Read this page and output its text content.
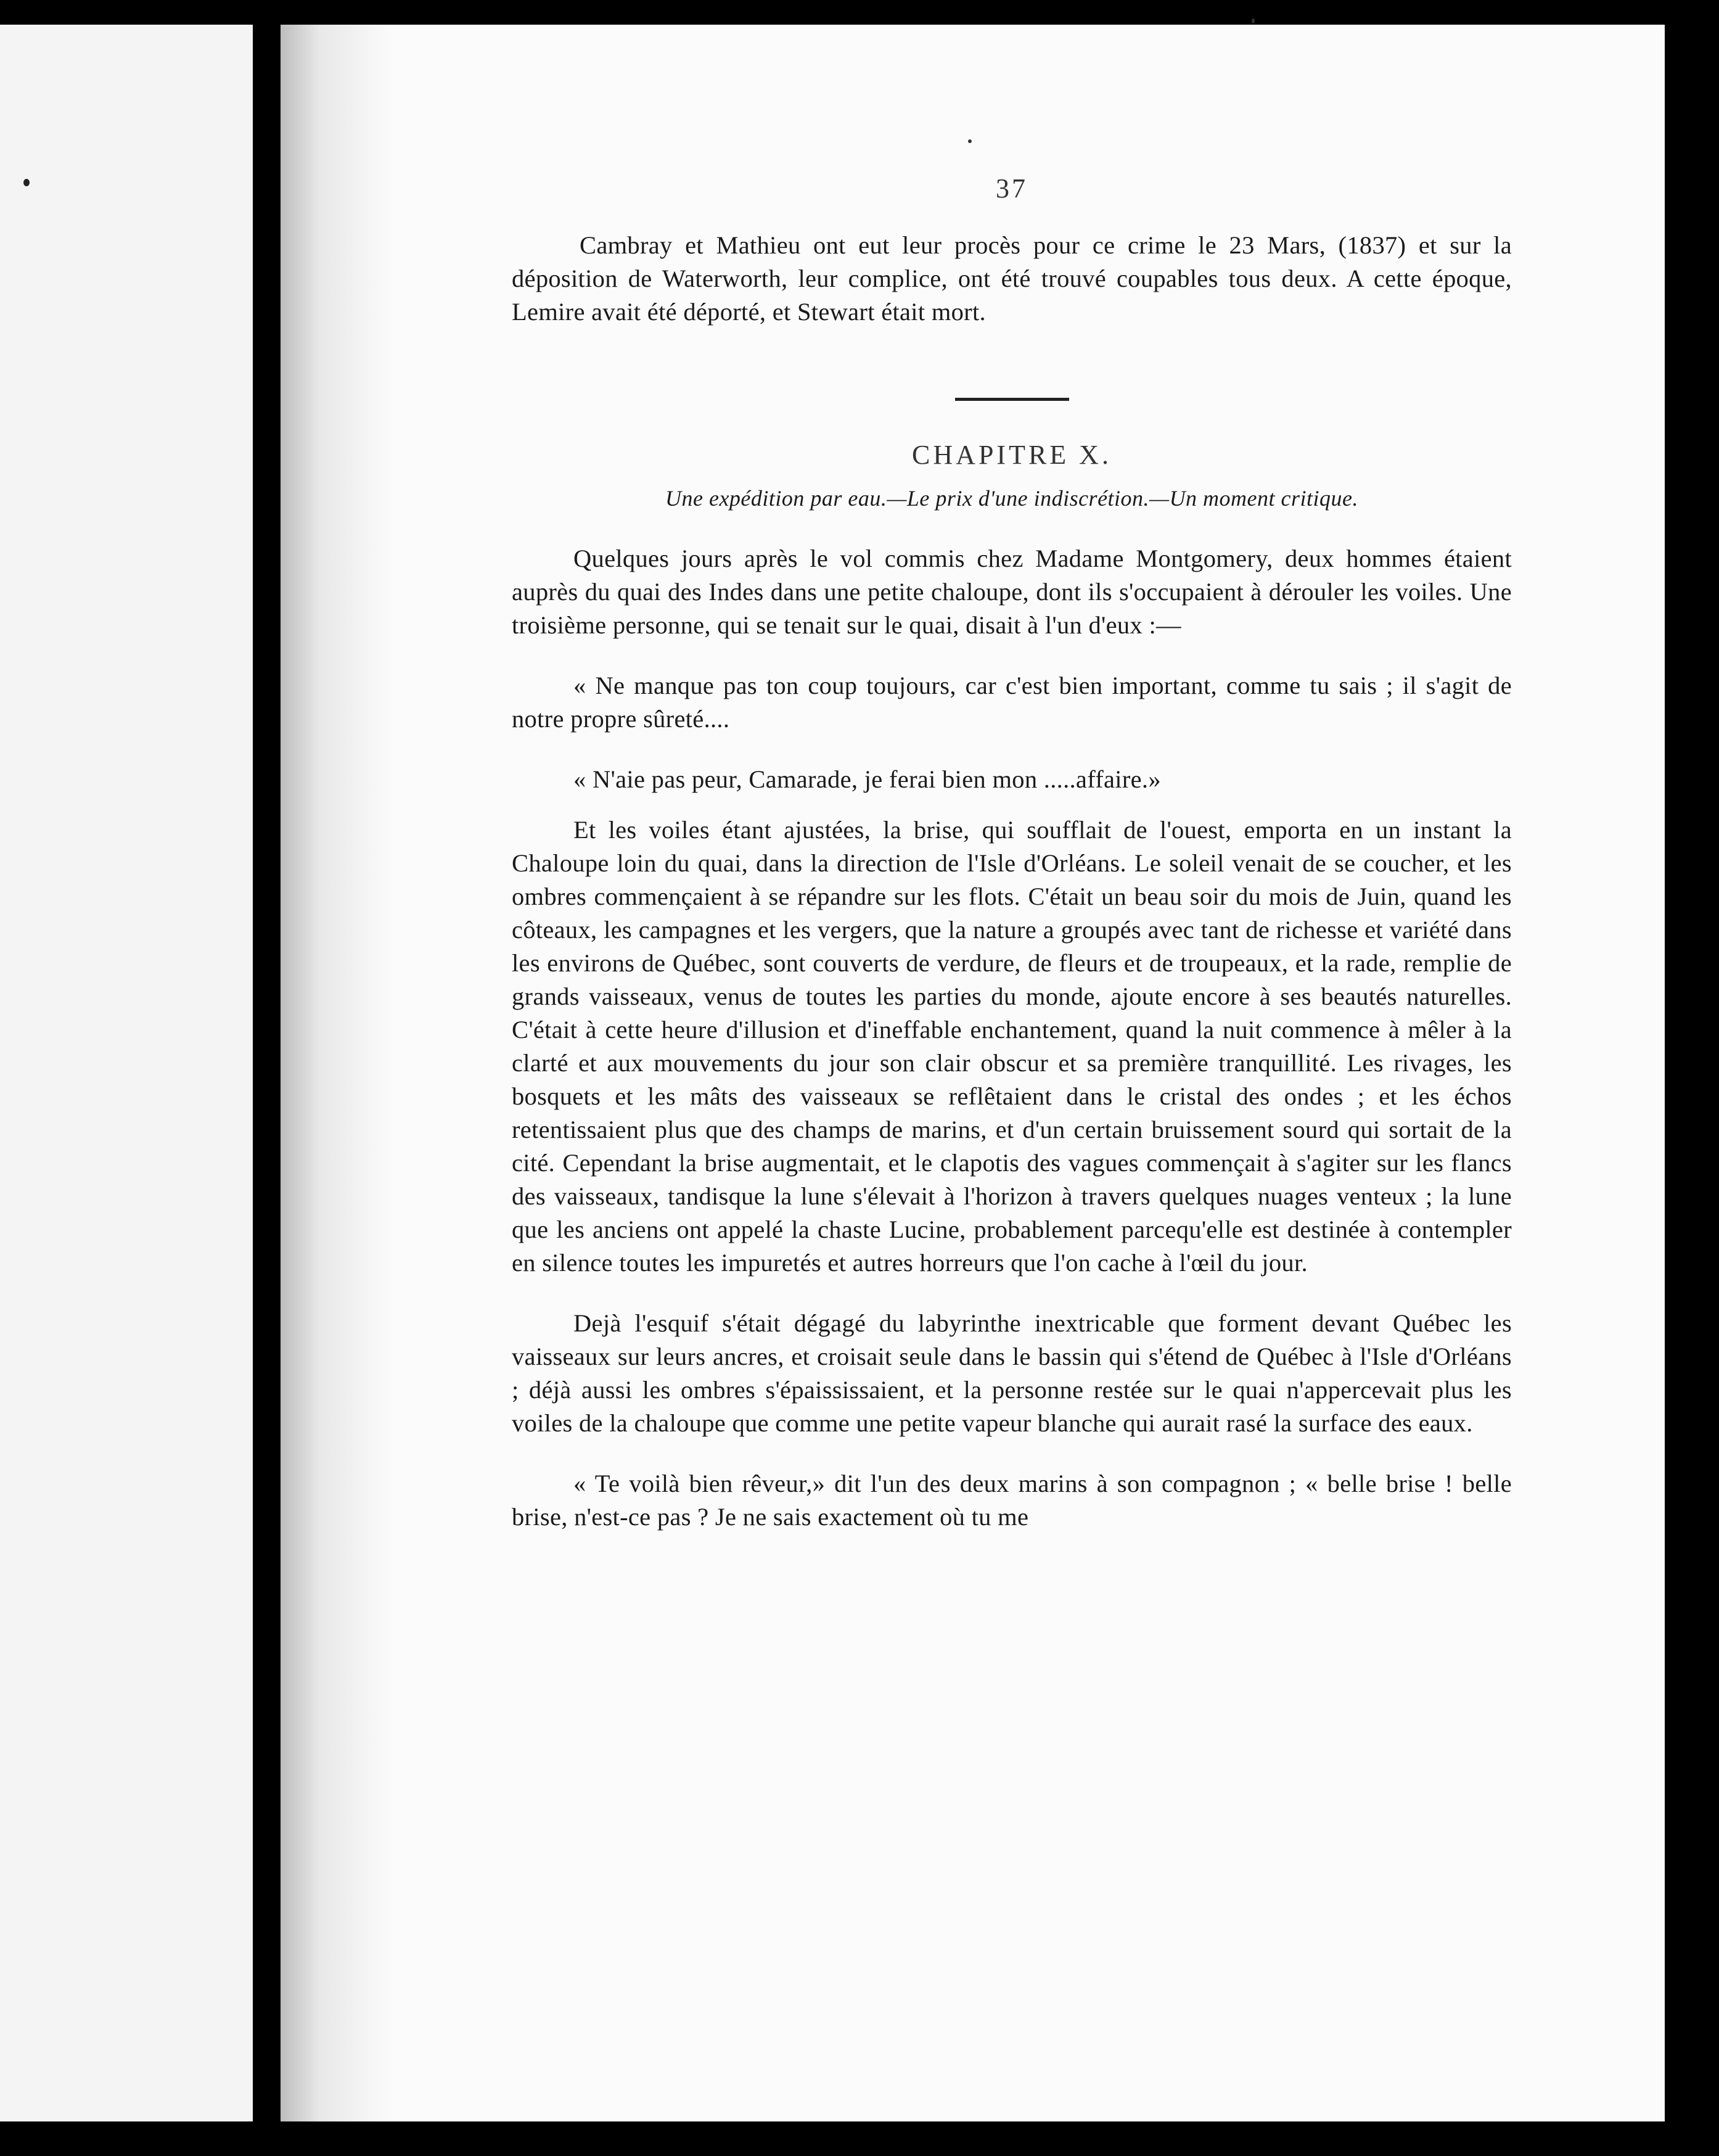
37

Cambray et Mathieu ont eut leur procès pour ce crime le 23 Mars, (1837) et sur la déposition de Waterworth, leur complice, ont été trouvé coupables tous deux. A cette époque, Lemire avait été déporté, et Stewart était mort.

CHAPITRE X.
Une expédition par eau.—Le prix d'une indiscrétion.—Un moment critique.

Quelques jours après le vol commis chez Madame Montgomery, deux hommes étaient auprès du quai des Indes dans une petite chaloupe, dont ils s'occupaient à dérouler les voiles. Une troisième personne, qui se tenait sur le quai, disait à l'un d'eux :—

« Ne manque pas ton coup toujours, car c'est bien important, comme tu sais ; il s'agit de notre propre sûreté....

« N'aie pas peur, Camarade, je ferai bien mon .....affaire.»

Et les voiles étant ajustées, la brise, qui soufflait de l'ouest, emporta en un instant la Chaloupe loin du quai, dans la direction de l'Isle d'Orléans. Le soleil venait de se coucher, et les ombres commençaient à se répandre sur les flots. C'était un beau soir du mois de Juin, quand les côteaux, les campagnes et les vergers, que la nature a groupés avec tant de richesse et variété dans les environs de Québec, sont couverts de verdure, de fleurs et de troupeaux, et la rade, remplie de grands vaisseaux, venus de toutes les parties du monde, ajoute encore à ses beautés naturelles. C'était à cette heure d'illusion et d'ineffable enchantement, quand la nuit commence à mêler à la clarté et aux mouvements du jour son clair obscur et sa première tranquillité. Les rivages, les bosquets et les mâts des vaisseaux se reflêtaient dans le cristal des ondes ; et les échos retentissaient plus que des champs de marins, et d'un certain bruissement sourd qui sortait de la cité. Cependant la brise augmentait, et le clapotis des vagues commençait à s'agiter sur les flancs des vaisseaux, tandisque la lune s'élevait à l'horizon à travers quelques nuages venteux ; la lune que les anciens ont appelé la chaste Lucine, probablement parcequ'elle est destinée à contempler en silence toutes les impuretés et autres horreurs que l'on cache à l'œil du jour.

Dejà l'esquif s'était dégagé du labyrinthe inextricable que forment devant Québec les vaisseaux sur leurs ancres, et croisait seule dans le bassin qui s'étend de Québec à l'Isle d'Orléans ; déjà aussi les ombres s'épaississaient, et la personne restée sur le quai n'appercevait plus les voiles de la chaloupe que comme une petite vapeur blanche qui aurait rasé la surface des eaux.

« Te voilà bien rêveur,» dit l'un des deux marins à son compagnon ; « belle brise ! belle brise, n'est-ce pas ? Je ne sais exactement où tu me
